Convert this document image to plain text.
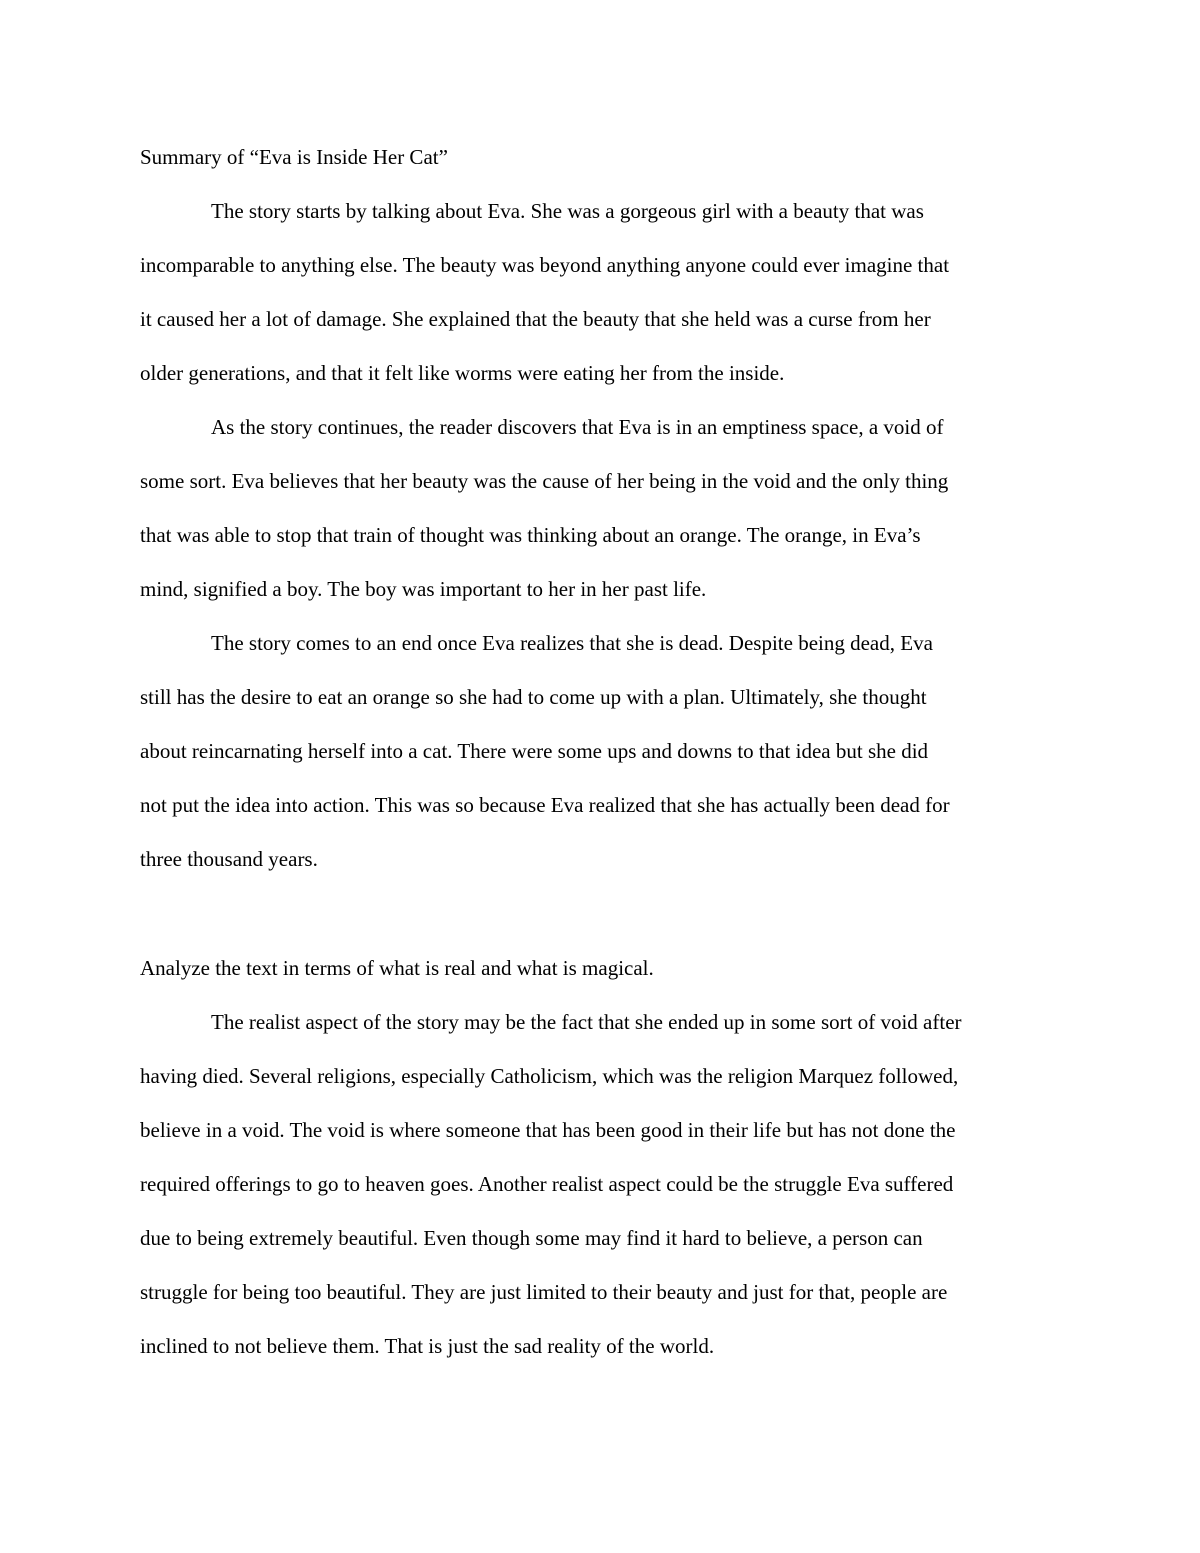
Summary of “Eva is Inside Her Cat”

The story starts by talking about Eva. She was a gorgeous girl with a beauty that was

incomparable to anything else. The beauty was beyond anything anyone could ever imagine that

it caused her a lot of damage. She explained that the beauty that she held was a curse from her

older generations, and that it felt like worms were eating her from the inside.

As the story continues, the reader discovers that Eva is in an emptiness space, a void of

some sort. Eva believes that her beauty was the cause of her being in the void and the only thing

that was able to stop that train of thought was thinking about an orange. The orange, in Eva’s

mind, signified a boy. The boy was important to her in her past life.

The story comes to an end once Eva realizes that she is dead. Despite being dead, Eva

still has the desire to eat an orange so she had to come up with a plan. Ultimately, she thought

about reincarnating herself into a cat. There were some ups and downs to that idea but she did

not put the idea into action. This was so because Eva realized that she has actually been dead for

three thousand years.

Analyze the text in terms of what is real and what is magical.

The realist aspect of the story may be the fact that she ended up in some sort of void after

having died. Several religions, especially Catholicism, which was the religion Marquez followed,

believe in a void. The void is where someone that has been good in their life but has not done the

required offerings to go to heaven goes. Another realist aspect could be the struggle Eva suffered

due to being extremely beautiful. Even though some may find it hard to believe, a person can

struggle for being too beautiful. They are just limited to their beauty and just for that, people are

inclined to not believe them. That is just the sad reality of the world.
